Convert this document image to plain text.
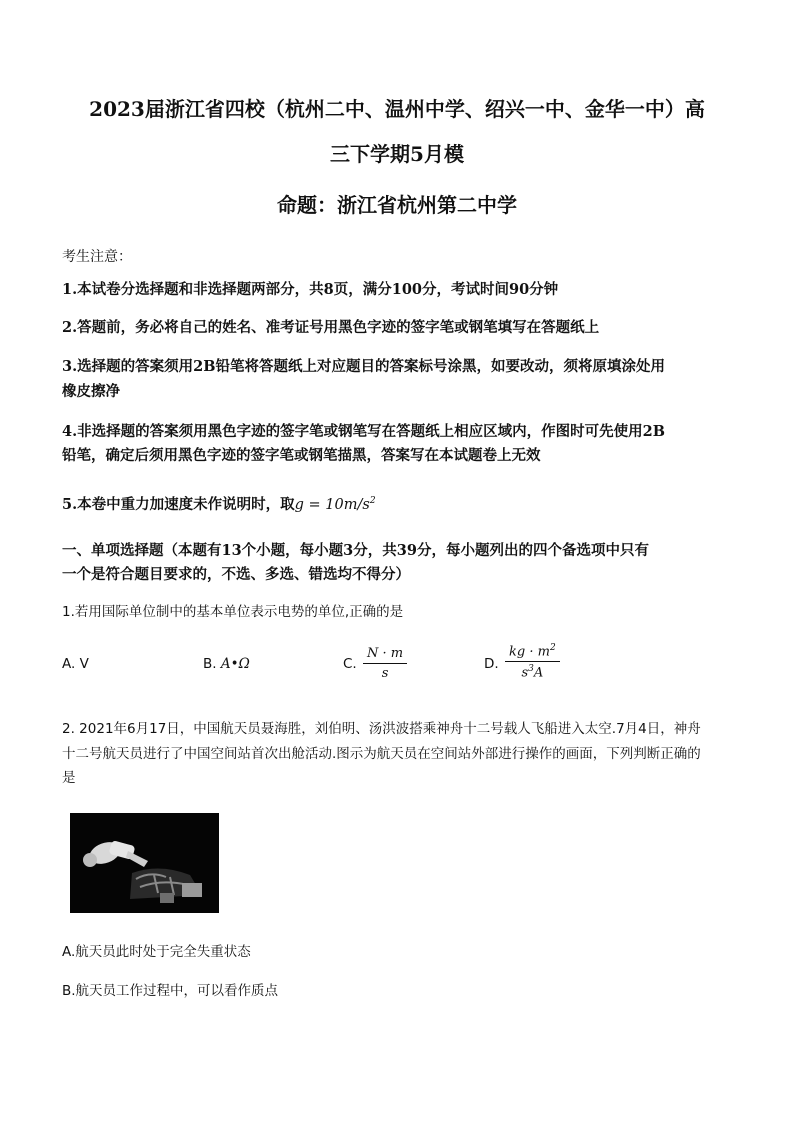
2023届浙江省四校（杭州二中、温州中学、绍兴一中、金华一中）高
三下学期5月模
命题：浙江省杭州第二中学
考生注意：
1.本试卷分选择题和非选择题两部分，共8页，满分100分，考试时间90分钟
2.答题前，务必将自己的姓名、准考证号用黑色字迹的签字笔或钢笔填写在答题纸上
3.选择题的答案须用2B铅笔将答题纸上对应题目的答案标号涂黑，如要改动，须将原填涂处用
橡皮擦净
4.非选择题的答案须用黑色字迹的签字笔或钢笔写在答题纸上相应区域内，作图时可先使用2B
铅笔，确定后须用黑色字迹的签字笔或钢笔描黑，答案写在本试题卷上无效
5.本卷中重力加速度未作说明时，取$g = 10m/s^2$
一、单项选择题（本题有13个小题，每小题3分，共39分，每小题列出的四个备选项中只有
一个是符合题目要求的，不选、多选、错选均不得分）
1.若用国际单位制中的基本单位表示电势的单位,正确的是
A. V	B. A•Ω	C. $\frac{N \cdot m}{s}$	D. $\frac{kg \cdot m^2}{s^3A}$
2. 2021年6月17日，中国航天员聂海胜，刘伯明、汤洪波搭乘神舟十二号载人飞船进入太空.7月4日，神舟
十二号航天员进行了中国空间站首次出舱活动.图示为航天员在空间站外部进行操作的画面，下列判断正确的
是
A.航天员此时处于完全失重状态
B.航天员工作过程中，可以看作质点
